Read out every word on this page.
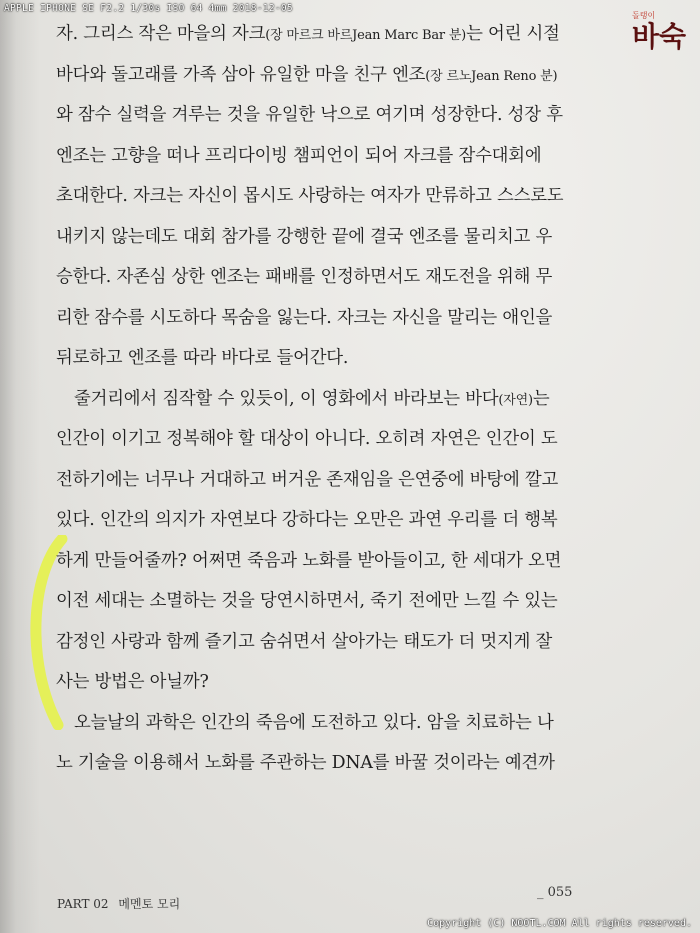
APPLE IPHONE SE F2.2 1/30s ISO 64 4mm 2018-12-05
돌탱이
바숙
자. 그리스 작은 마을의 자크(장 마르크 바르Jean Marc Bar 분)는 어린 시절
바다와 돌고래를 가족 삼아 유일한 마을 친구 엔조(장 르노Jean Reno 분)
와 잠수 실력을 겨루는 것을 유일한 낙으로 여기며 성장한다. 성장 후
엔조는 고향을 떠나 프리다이빙 챔피언이 되어 자크를 잠수대회에
초대한다. 자크는 자신이 몹시도 사랑하는 여자가 만류하고 스스로도
내키지 않는데도 대회 참가를 강행한 끝에 결국 엔조를 물리치고 우
승한다. 자존심 상한 엔조는 패배를 인정하면서도 재도전을 위해 무
리한 잠수를 시도하다 목숨을 잃는다. 자크는 자신을 말리는 애인을
뒤로하고 엔조를 따라 바다로 들어간다.
줄거리에서 짐작할 수 있듯이, 이 영화에서 바라보는 바다(자연)는
인간이 이기고 정복해야 할 대상이 아니다. 오히려 자연은 인간이 도
전하기에는 너무나 거대하고 버거운 존재임을 은연중에 바탕에 깔고
있다. 인간의 의지가 자연보다 강하다는 오만은 과연 우리를 더 행복
하게 만들어줄까? 어쩌면 죽음과 노화를 받아들이고, 한 세대가 오면
이전 세대는 소멸하는 것을 당연시하면서, 죽기 전에만 느낄 수 있는
감정인 사랑과 함께 즐기고 숨쉬면서 살아가는 태도가 더 멋지게 잘
사는 방법은 아닐까?
오늘날의 과학은 인간의 죽음에 도전하고 있다. 암을 치료하는 나
노 기술을 이용해서 노화를 주관하는 DNA를 바꿀 것이라는 예견까
PART 02 메멘토 모리
_ 055
Copyright (C) NOOTL.COM All rights reserved.
